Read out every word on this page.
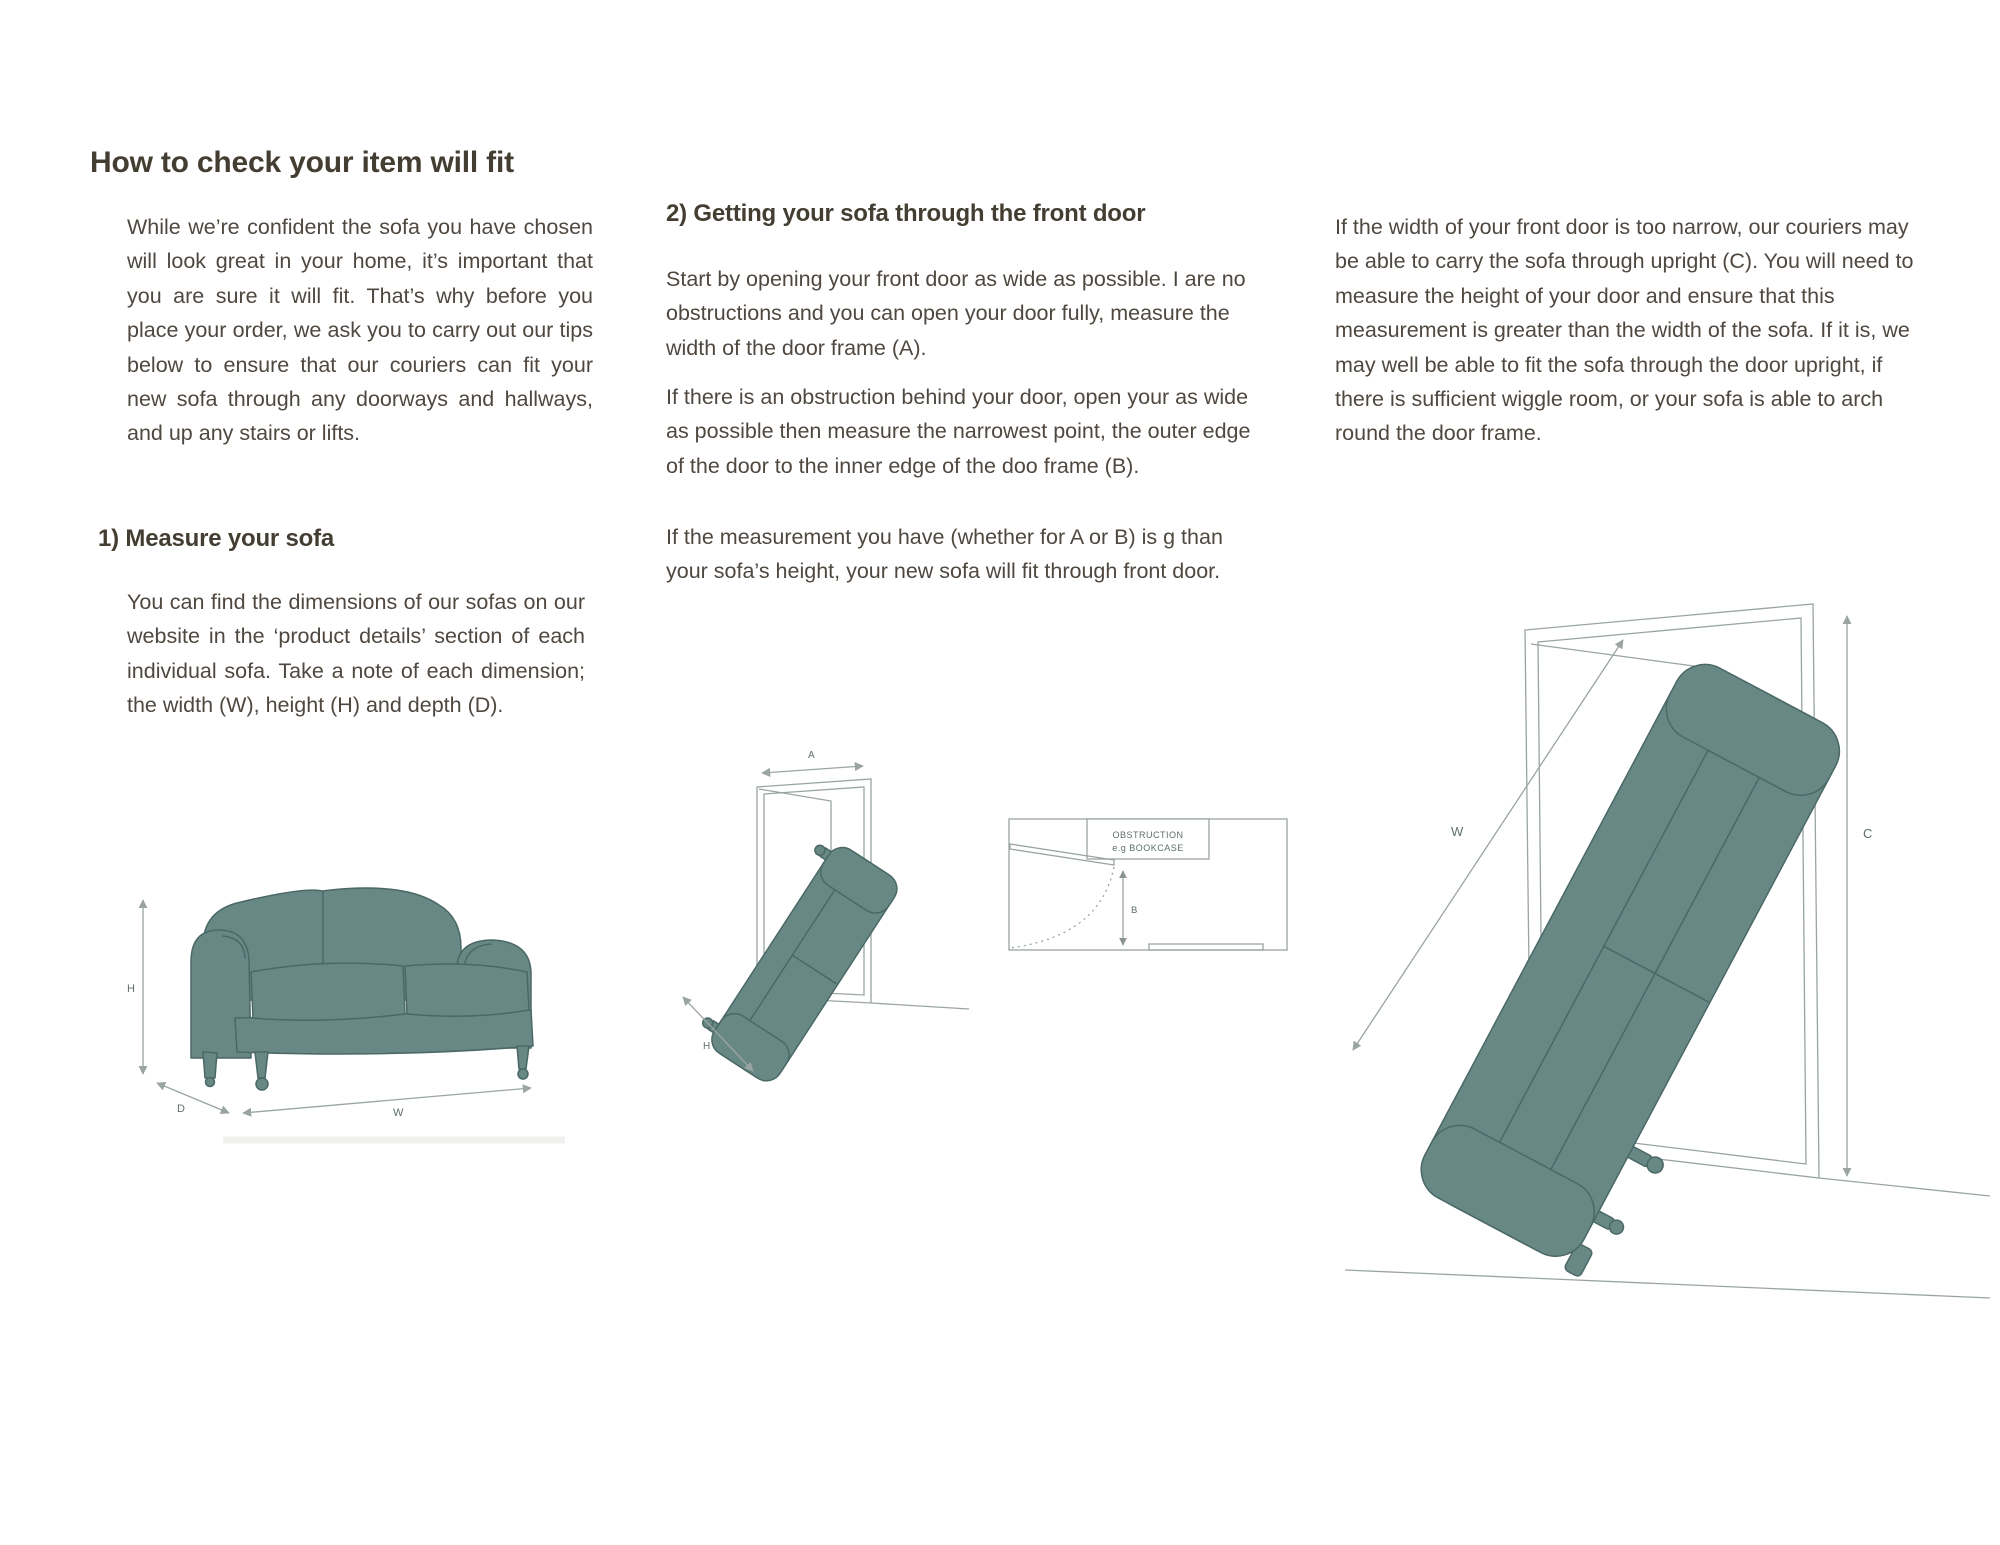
How to check your item will fit
While we’re confident the sofa you have chosen will look great in your home, it’s important that you are sure it will fit. That’s why before you place your order, we ask you to carry out our tips below to ensure that our couriers can fit your new sofa through any doorways and hallways, and up any stairs or lifts.
1) Measure your sofa
You can find the dimensions of our sofas on our website in the ‘product details’ section of each individual sofa. Take a note of each dimension; the width (W), height (H) and depth (D).
2) Getting your sofa through the front door
Start by opening your front door as wide as possible. I are no obstructions and you can open your door fully, measure the width of the door frame (A).
If there is an obstruction behind your door, open your as wide as possible then measure the narrowest point, the outer edge of the door to the inner edge of the doo frame (B).
If the measurement you have (whether for A or B) is g than your sofa’s height, your new sofa will fit through front door.
If the width of your front door is too narrow, our couriers may be able to carry the sofa through upright (C). You will need to measure the height of your door and ensure that this measurement is greater than the width of the sofa. If it is, we may well be able to fit the sofa through the door upright, if there is sufficient wiggle room, or your sofa is able to arch round the door frame.
H
D	W
A
H
OBSTRUCTION
e.g BOOKCASE
B
W	C
